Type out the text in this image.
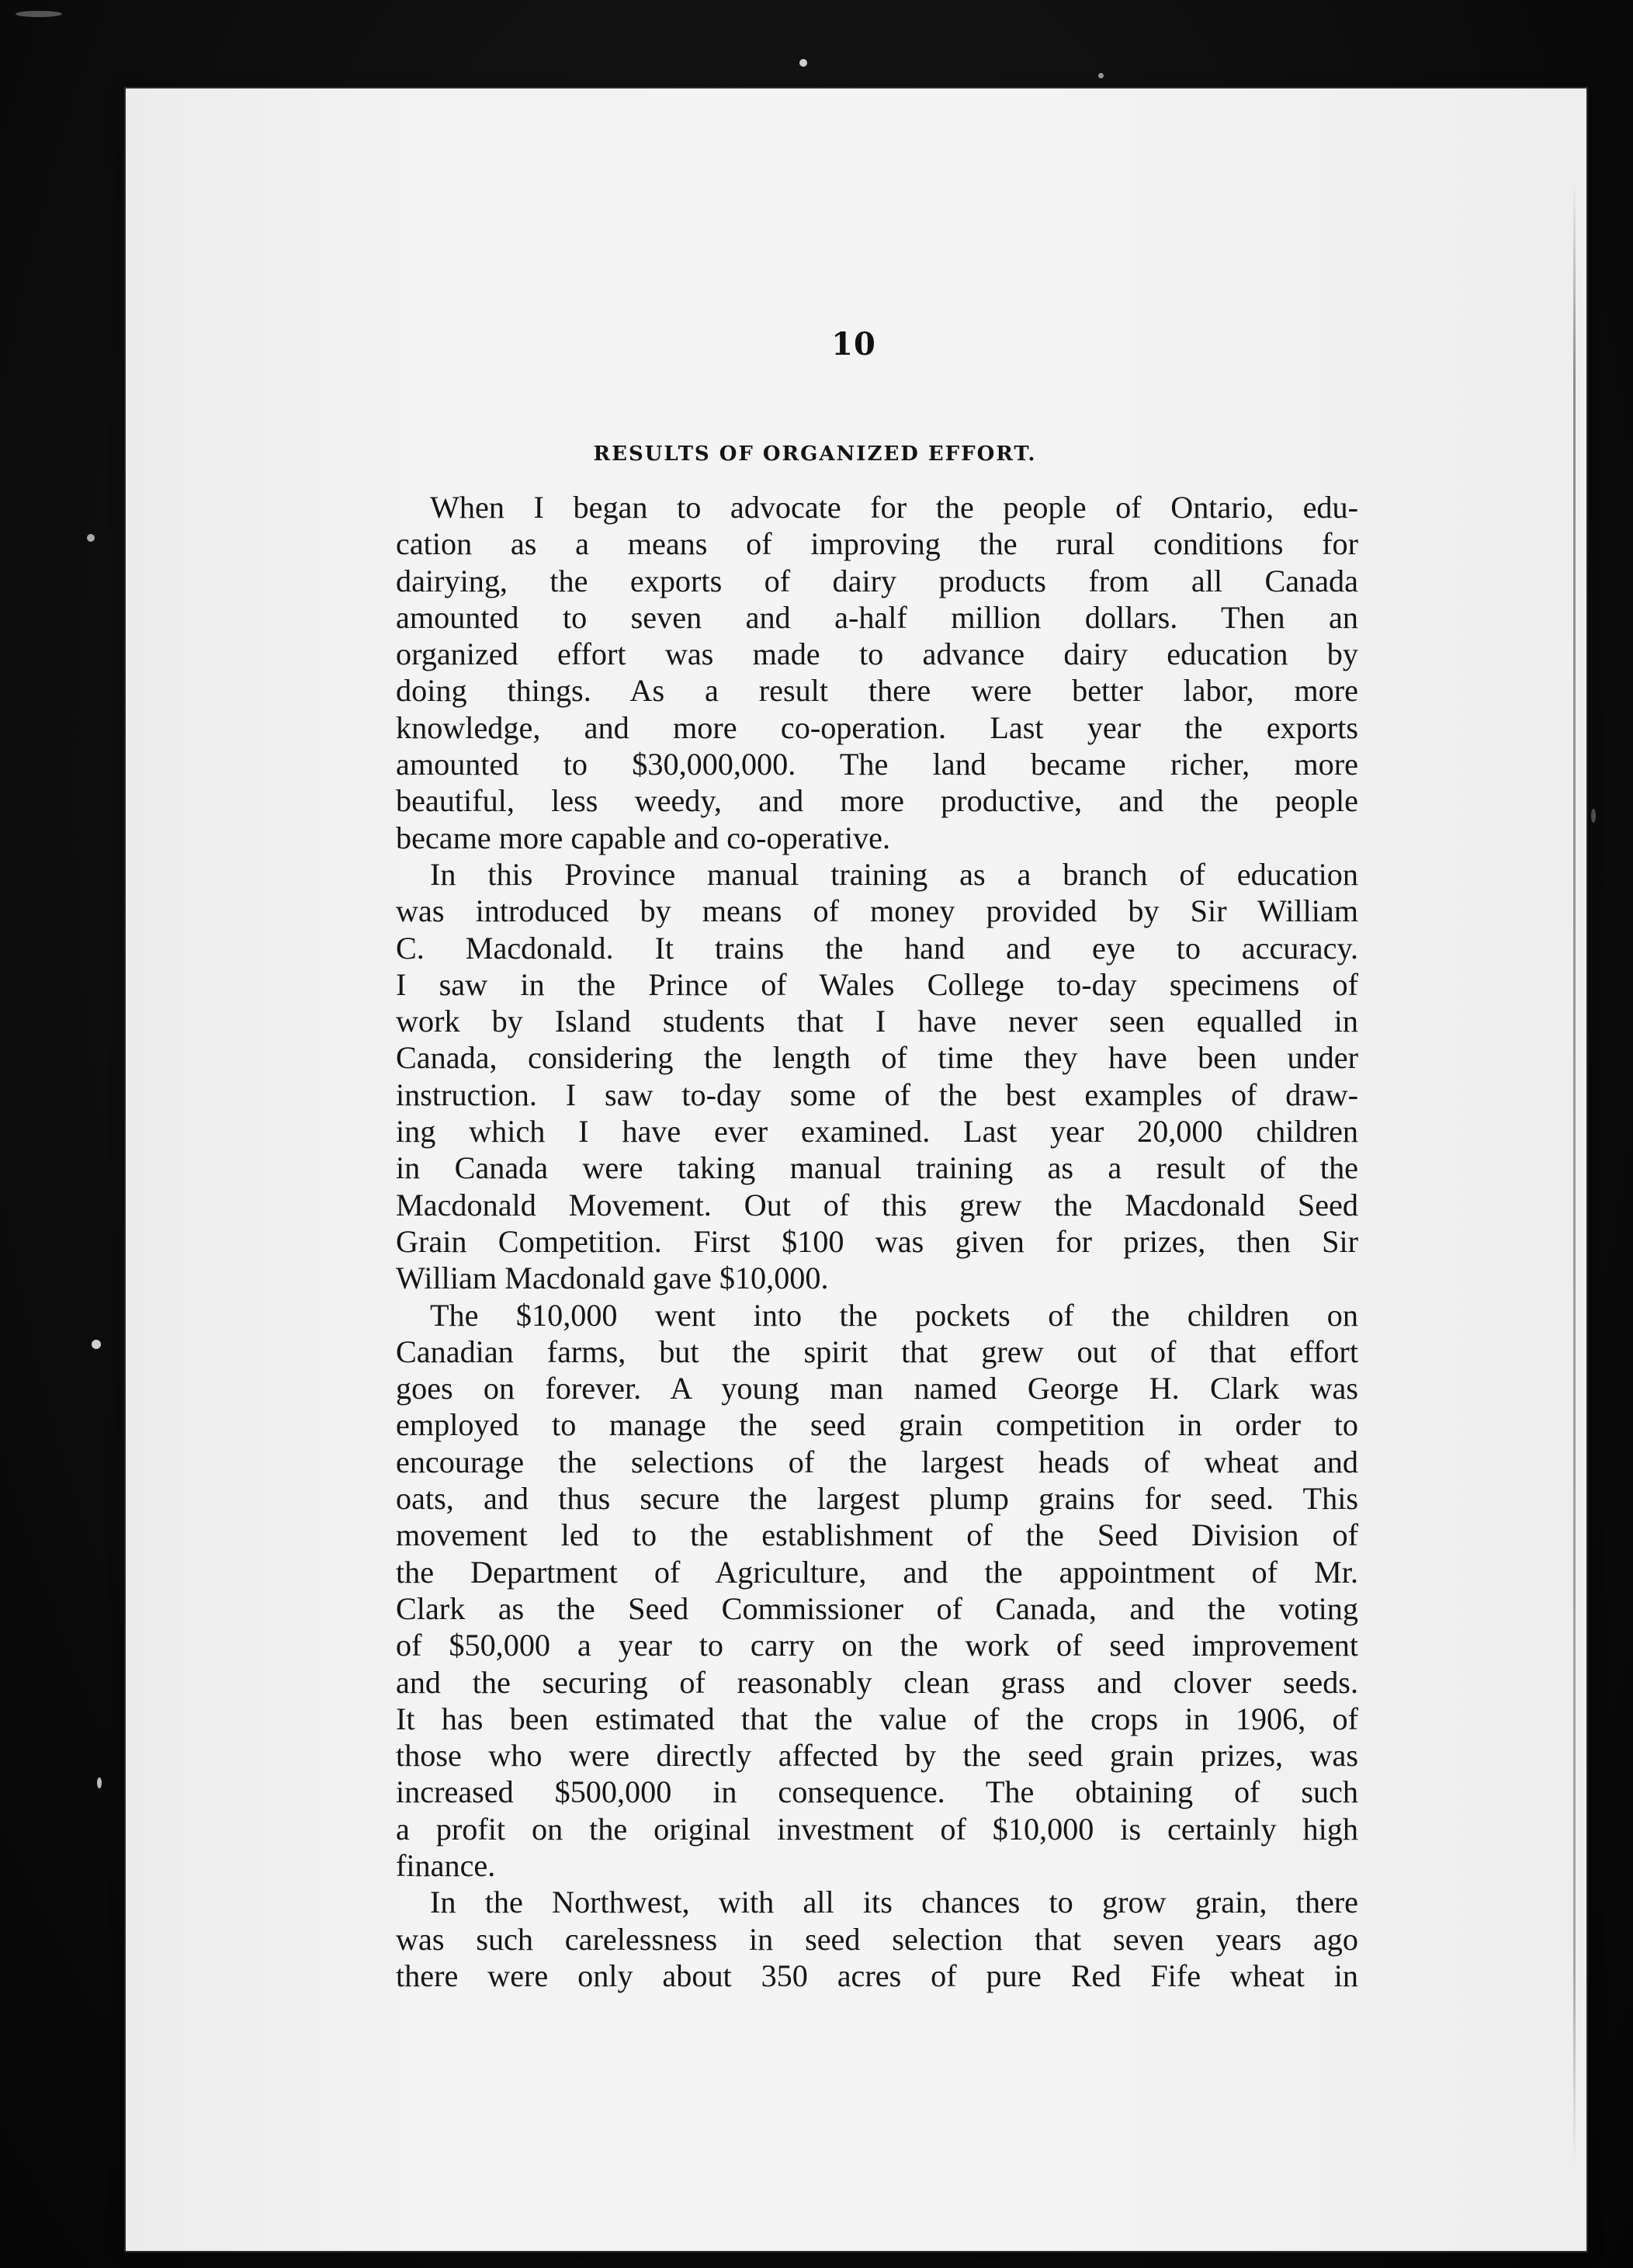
10
RESULTS OF ORGANIZED EFFORT.
When I began to advocate for the people of Ontario, edu-
cation as a means of improving the rural conditions for
dairying, the exports of dairy products from all Canada
amounted to seven and a-half million dollars. Then an
organized effort was made to advance dairy education by
doing things. As a result there were better labor, more
knowledge, and more co-operation. Last year the exports
amounted to $30,000,000. The land became richer, more
beautiful, less weedy, and more productive, and the people
became more capable and co-operative.
In this Province manual training as a branch of education
was introduced by means of money provided by Sir William
C. Macdonald. It trains the hand and eye to accuracy.
I saw in the Prince of Wales College to-day specimens of
work by Island students that I have never seen equalled in
Canada, considering the length of time they have been under
instruction. I saw to-day some of the best examples of draw-
ing which I have ever examined. Last year 20,000 children
in Canada were taking manual training as a result of the
Macdonald Movement. Out of this grew the Macdonald Seed
Grain Competition. First $100 was given for prizes, then Sir
William Macdonald gave $10,000.
The $10,000 went into the pockets of the children on
Canadian farms, but the spirit that grew out of that effort
goes on forever. A young man named George H. Clark was
employed to manage the seed grain competition in order to
encourage the selections of the largest heads of wheat and
oats, and thus secure the largest plump grains for seed. This
movement led to the establishment of the Seed Division of
the Department of Agriculture, and the appointment of Mr.
Clark as the Seed Commissioner of Canada, and the voting
of $50,000 a year to carry on the work of seed improvement
and the securing of reasonably clean grass and clover seeds.
It has been estimated that the value of the crops in 1906, of
those who were directly affected by the seed grain prizes, was
increased $500,000 in consequence. The obtaining of such
a profit on the original investment of $10,000 is certainly high
finance.
In the Northwest, with all its chances to grow grain, there
was such carelessness in seed selection that seven years ago
there were only about 350 acres of pure Red Fife wheat in
